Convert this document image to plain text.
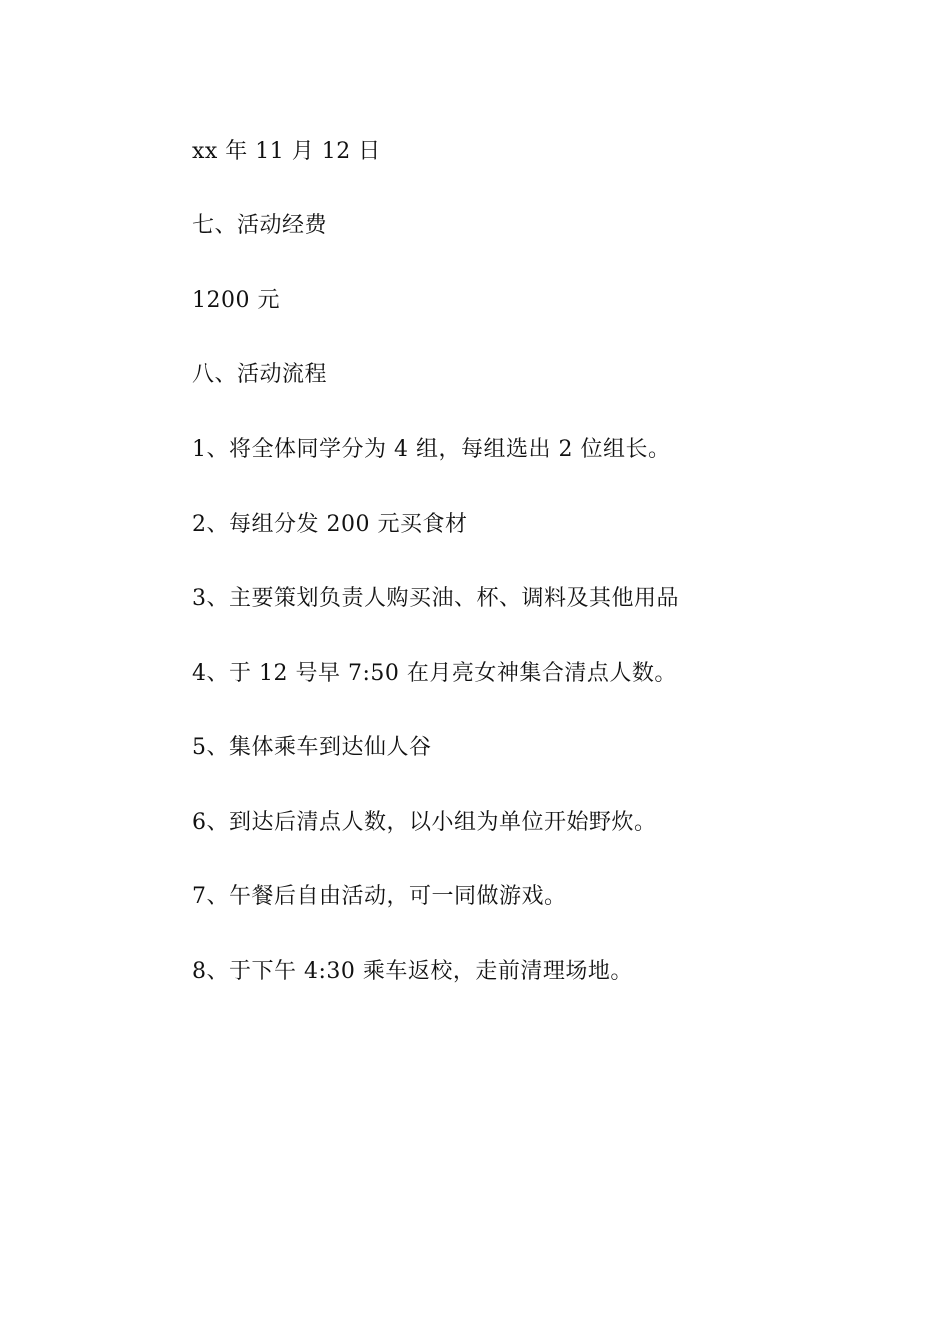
xx 年 11 月 12 日
七、活动经费
1200 元
八、活动流程
1、将全体同学分为 4 组，每组选出 2 位组长。
2、每组分发 200 元买食材
3、主要策划负责人购买油、杯、调料及其他用品
4、于 12 号早 7:50 在月亮女神集合清点人数。
5、集体乘车到达仙人谷
6、到达后清点人数，以小组为单位开始野炊。
7、午餐后自由活动，可一同做游戏。
8、于下午 4:30 乘车返校，走前清理场地。
